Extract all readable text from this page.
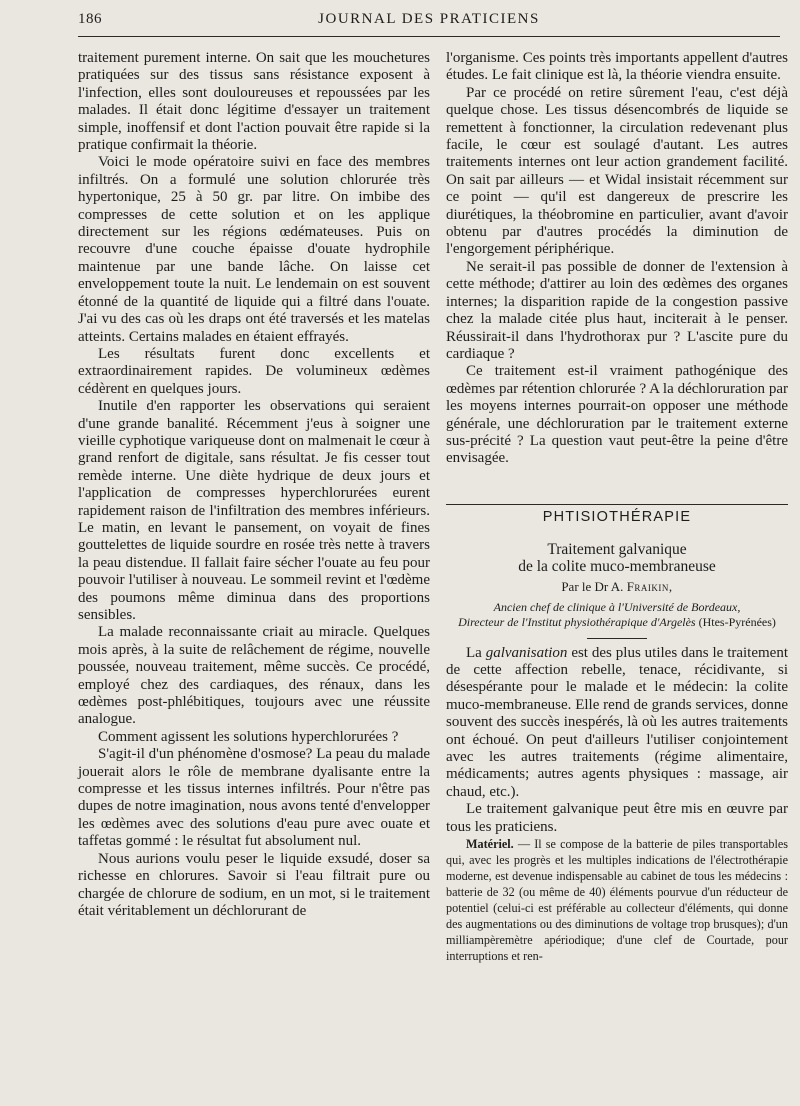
186	JOURNAL DES PRATICIENS

traitement purement interne. On sait que les mouchetures pratiquées sur des tissus sans résistance exposent à l'infection, elles sont douloureuses et repoussées par les malades. Il était donc légitime d'essayer un traitement simple, inoffensif et dont l'action pouvait être rapide si la pratique confirmait la théorie.

Voici le mode opératoire suivi en face des membres infiltrés. On a formulé une solution chlorurée très hypertonique, 25 à 50 gr. par litre. On imbibe des compresses de cette solution et on les applique directement sur les régions œdémateuses. Puis on recouvre d'une couche épaisse d'ouate hydrophile maintenue par une bande lâche. On laisse cet enveloppement toute la nuit. Le lendemain on est souvent étonné de la quantité de liquide qui a filtré dans l'ouate. J'ai vu des cas où les draps ont été traversés et les matelas atteints. Certains malades en étaient effrayés.

Les résultats furent donc excellents et extraordinairement rapides. De volumineux œdèmes cédèrent en quelques jours.

Inutile d'en rapporter les observations qui seraient d'une grande banalité. Récemment j'eus à soigner une vieille cyphotique variqueuse dont on malmenait le cœur à grand renfort de digitale, sans résultat. Je fis cesser tout remède interne. Une diète hydrique de deux jours et l'application de compresses hyperchlorurées eurent rapidement raison de l'infiltration des membres inférieurs. Le matin, en levant le pansement, on voyait de fines gouttelettes de liquide sourdre en rosée très nette à travers la peau distendue. Il fallait faire sécher l'ouate au feu pour pouvoir l'utiliser à nouveau. Le sommeil revint et l'œdème des poumons même diminua dans des proportions sensibles.

La malade reconnaissante criait au miracle. Quelques mois après, à la suite de relâchement de régime, nouvelle poussée, nouveau traitement, même succès. Ce procédé, employé chez des cardiaques, des rénaux, dans les œdèmes post-phlébitiques, toujours avec une réussite analogue.

Comment agissent les solutions hyperchlorurées ?

S'agit-il d'un phénomène d'osmose? La peau du malade jouerait alors le rôle de membrane dyalisante entre la compresse et les tissus internes infiltrés. Pour n'être pas dupes de notre imagination, nous avons tenté d'envelopper les œdèmes avec des solutions d'eau pure avec ouate et taffetas gommé : le résultat fut absolument nul.

Nous aurions voulu peser le liquide exsudé, doser sa richesse en chlorures. Savoir si l'eau filtrait pure ou chargée de chlorure de sodium, en un mot, si le traitement était véritablement un déchlorurant de

l'organisme. Ces points très importants appellent d'autres études. Le fait clinique est là, la théorie viendra ensuite.

Par ce procédé on retire sûrement l'eau, c'est déjà quelque chose. Les tissus désencombrés de liquide se remettent à fonctionner, la circulation redevenant plus facile, le cœur est soulagé d'autant. Les autres traitements internes ont leur action grandement facilité. On sait par ailleurs — et Widal insistait récemment sur ce point — qu'il est dangereux de prescrire les diurétiques, la théobromine en particulier, avant d'avoir obtenu par d'autres procédés la diminution de l'engorgement périphérique.

Ne serait-il pas possible de donner de l'extension à cette méthode; d'attirer au loin des œdèmes des organes internes; la disparition rapide de la congestion passive chez la malade citée plus haut, inciterait à le penser. Réussirait-il dans l'hydrothorax pur ? L'ascite pure du cardiaque ?

Ce traitement est-il vraiment pathogénique des œdèmes par rétention chlorurée ? A la déchloruration par les moyens internes pourrait-on opposer une méthode générale, une déchloruration par le traitement externe sus-précité ? La question vaut peut-être la peine d'être envisagée.

PHTISIOTHÉRAPIE
Traitement galvanique
de la colite muco-membraneuse
Par le Dr A. Fraikin,
Ancien chef de clinique à l'Université de Bordeaux,
Directeur de l'Institut physiothérapique d'Argelès (Htes-Pyrénées)

La galvanisation est des plus utiles dans le traitement de cette affection rebelle, tenace, récidivante, si désespérante pour le malade et le médecin: la colite muco-membraneuse. Elle rend de grands services, donne souvent des succès inespérés, là où les autres traitements ont échoué. On peut d'ailleurs l'utiliser conjointement avec les autres traitements (régime alimentaire, médicaments; autres agents physiques : massage, air chaud, etc.).

Le traitement galvanique peut être mis en œuvre par tous les praticiens.

Matériel. — Il se compose de la batterie de piles transportables qui, avec les progrès et les multiples indications de l'électrothérapie moderne, est devenue indispensable au cabinet de tous les médecins : batterie de 32 (ou même de 40) éléments pourvue d'un réducteur de potentiel (celui-ci est préférable au collecteur d'éléments, qui donne des augmentations ou des diminutions de voltage trop brusques); d'un milliampèremètre apériodique; d'une clef de Courtade, pour interruptions et ren-
